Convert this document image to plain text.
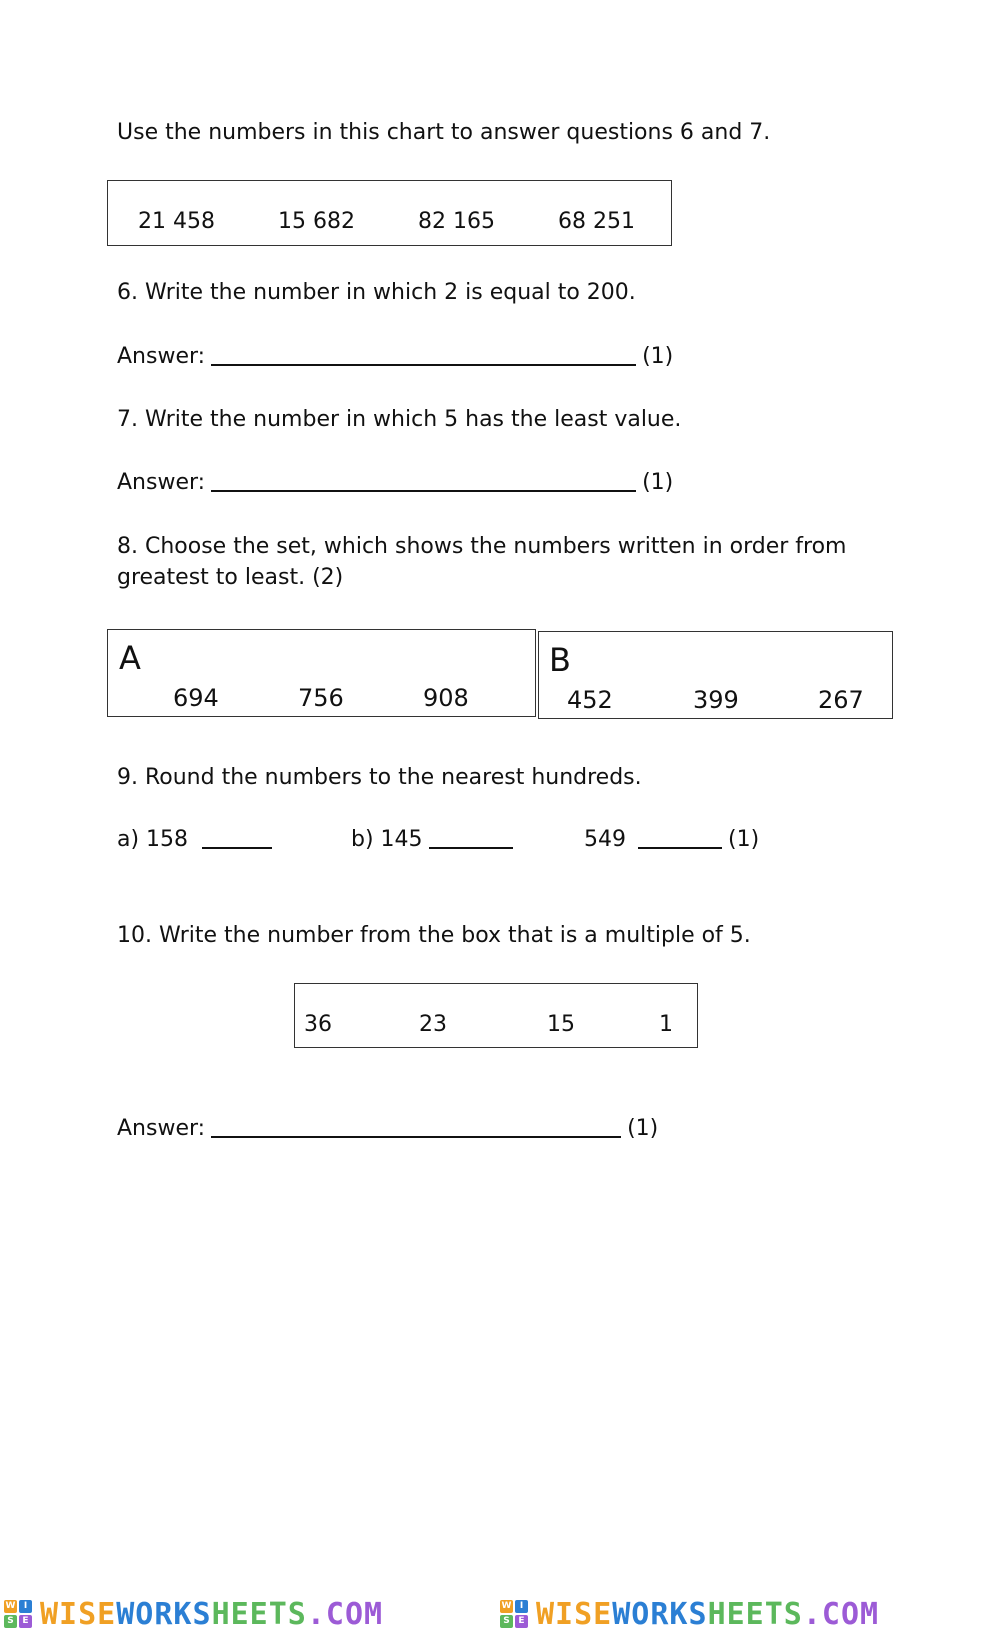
Use the numbers in this chart to answer questions 6 and 7.
21 458	15 682	82 165	68 251
6. Write the number in which 2 is equal to 200.
Answer:	(1)
7. Write the number in which 5 has the least value.
Answer:	(1)
8. Choose the set, which shows the numbers written in order from
greatest to least. (2)
A
694	756	908
B
452	399	267
9. Round the numbers to the nearest hundreds.
a) 158	b) 145	549	(1)
10. Write the number from the box that is a multiple of 5.
36	23	15	1
Answer:	(1)
W I
S E WISEWORKSHEETS.COM	W I
S E WISEWORKSHEETS.COM
